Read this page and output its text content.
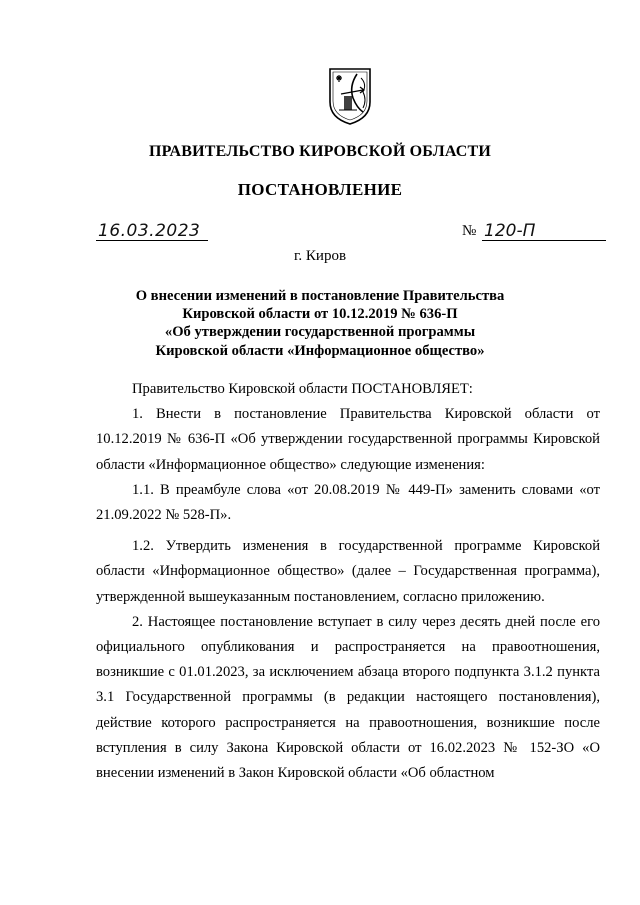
ПРАВИТЕЛЬСТВО КИРОВСКОЙ ОБЛАСТИ
ПОСТАНОВЛЕНИЕ
16.03.2023	№ 120-П
г. Киров
О внесении изменений в постановление Правительства
Кировской области от 10.12.2019 № 636-П
«Об утверждении государственной программы
Кировской области «Информационное общество»

Правительство Кировской области ПОСТАНОВЛЯЕТ:

1. Внести в постановление Правительства Кировской области от 10.12.2019 № 636-П «Об утверждении государственной программы Кировской области «Информационное общество» следующие изменения:

1.1. В преамбуле слова «от 20.08.2019 № 449-П» заменить словами «от 21.09.2022 № 528-П».

1.2. Утвердить изменения в государственной программе Кировской области «Информационное общество» (далее – Государственная программа), утвержденной вышеуказанным постановлением, согласно приложению.

2. Настоящее постановление вступает в силу через десять дней после его официального опубликования и распространяется на правоотношения, возникшие с 01.01.2023, за исключением абзаца второго подпункта 3.1.2 пункта 3.1 Государственной программы (в редакции настоящего постановления), действие которого распространяется на правоотношения, возникшие после вступления в силу Закона Кировской области от 16.02.2023 № 152-ЗО «О внесении изменений в Закон Кировской области «Об областном
